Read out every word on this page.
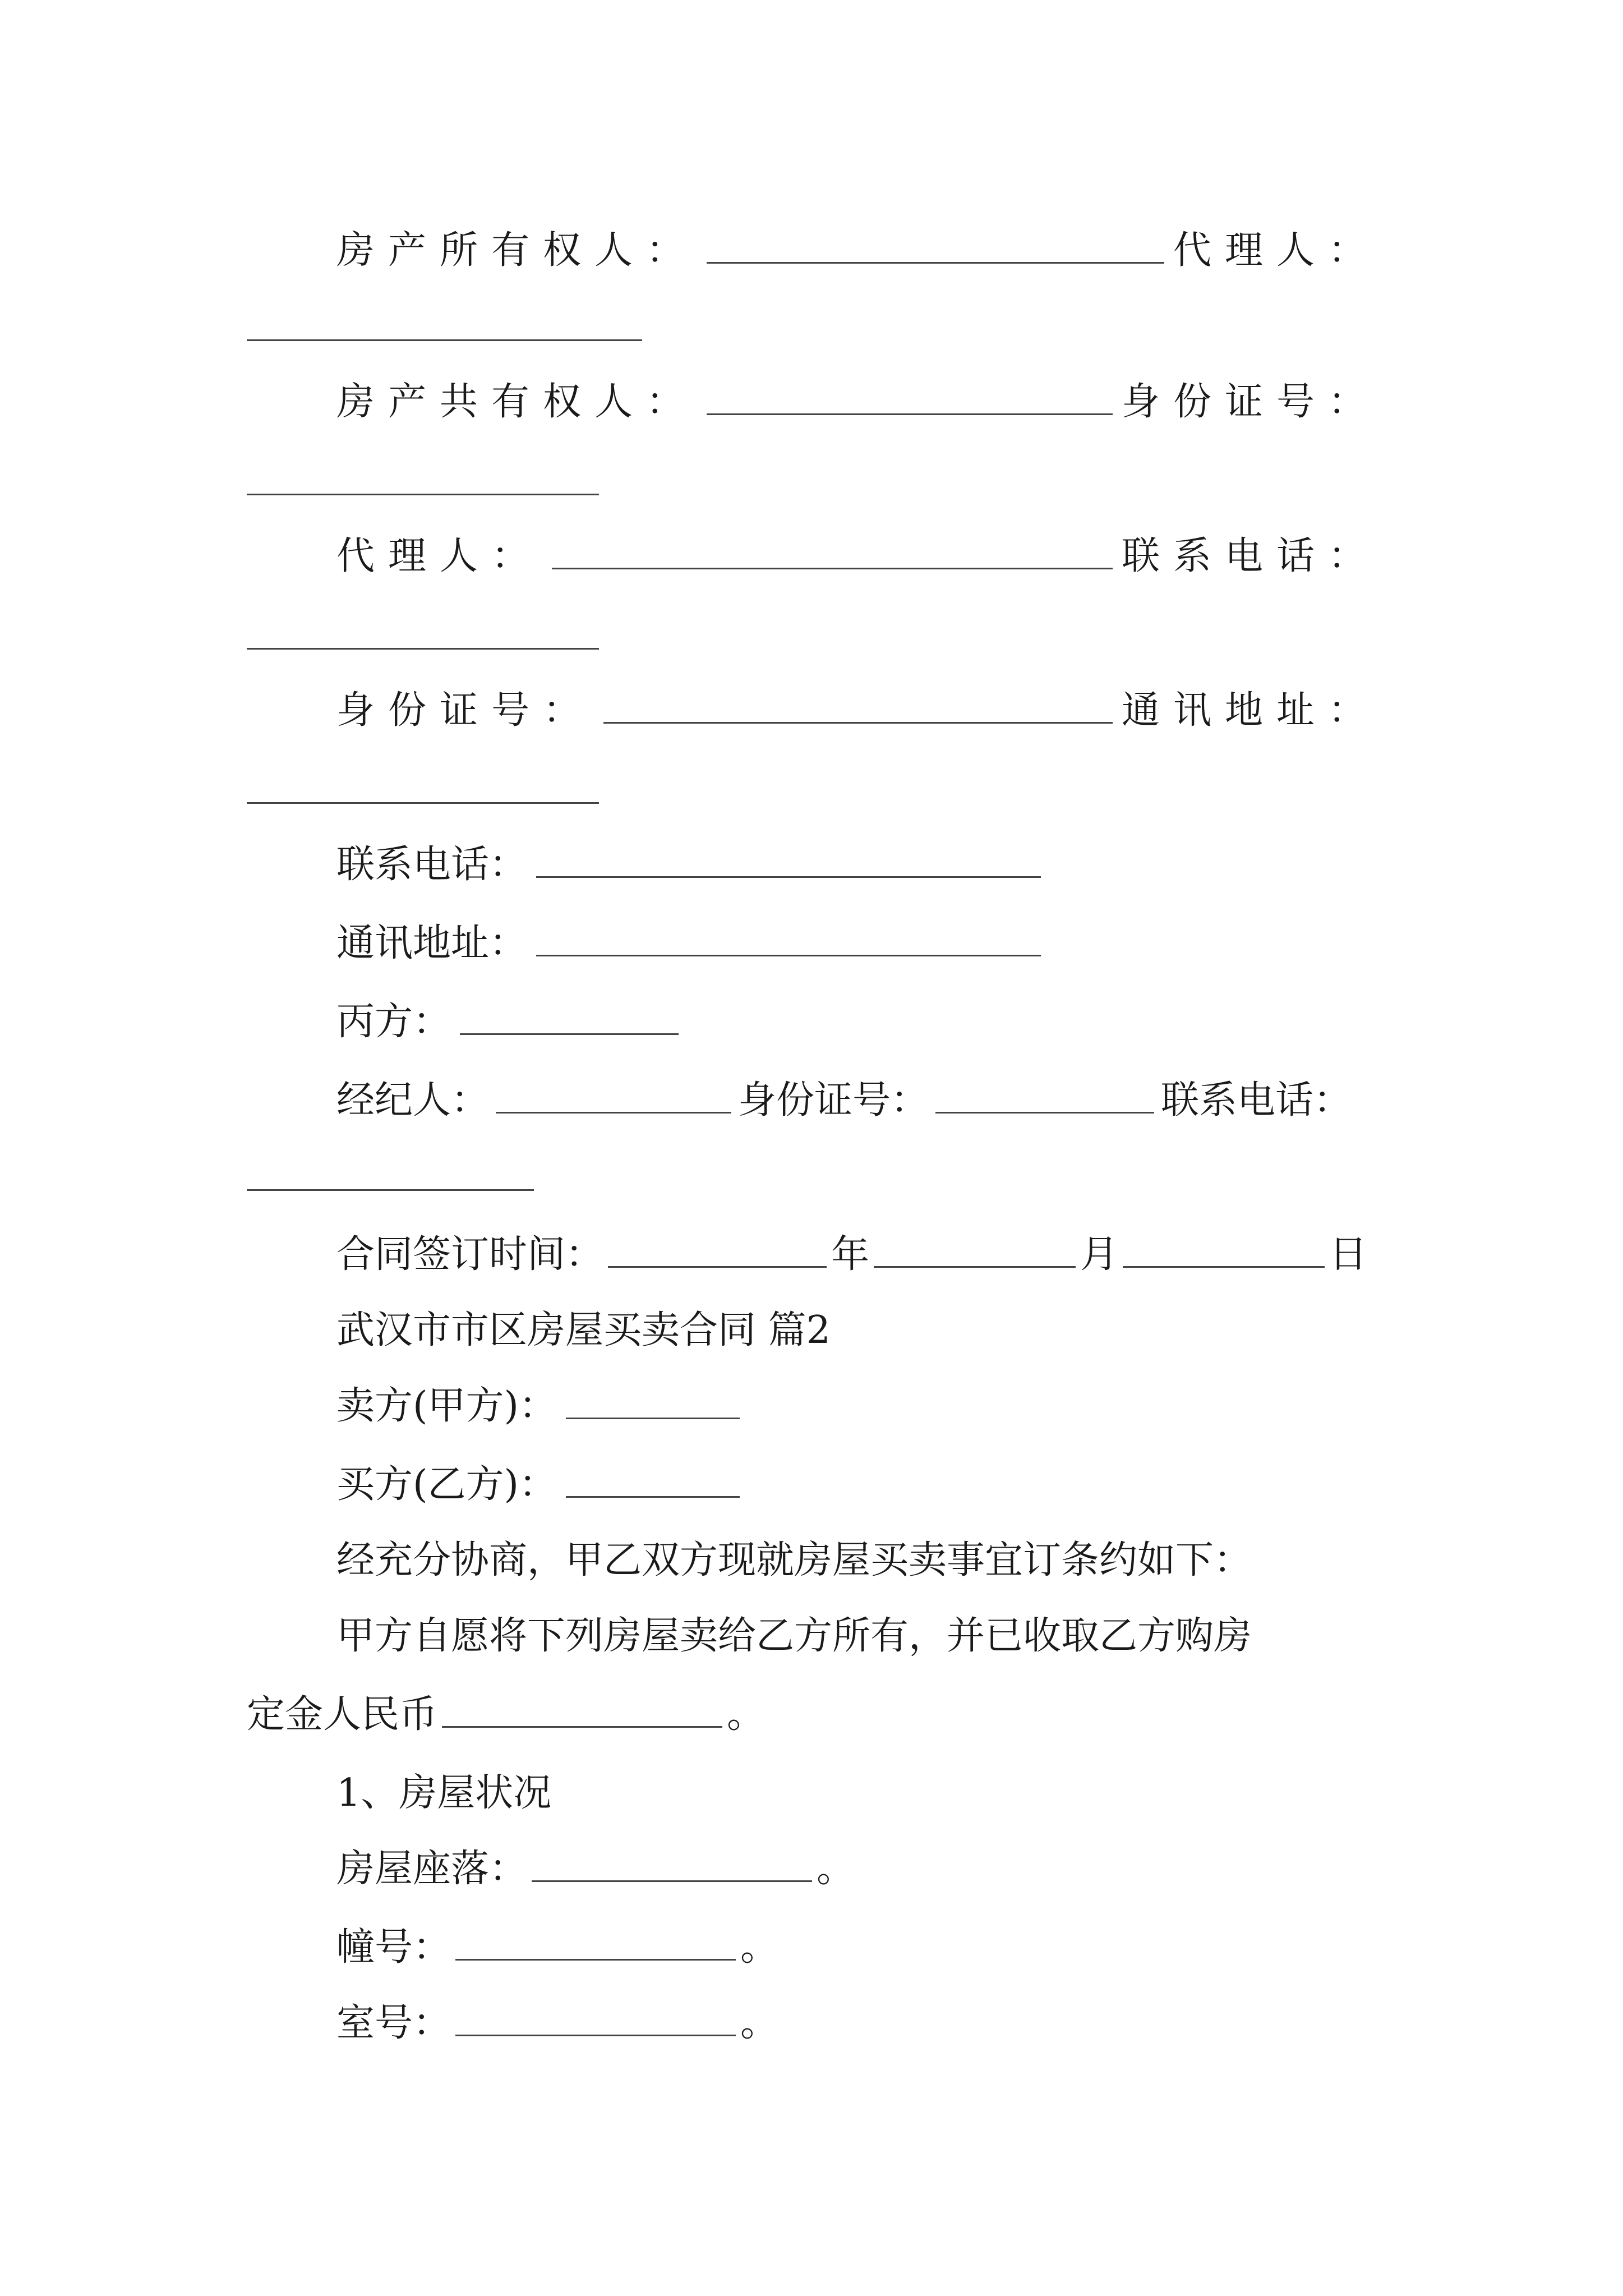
房产所有权人：	代理人：
房产共有权人：	身份证号：
代理人：	联系电话：
身份证号：	通讯地址：
联系电话：
通讯地址：
丙方：
经纪人：	身份证号：	联系电话：
合同签订时间：	年	月	日
武汉市市区房屋买卖合同 篇2
卖方(甲方)：
买方(乙方)：
经充分协商，甲乙双方现就房屋买卖事宜订条约如下：
甲方自愿将下列房屋卖给乙方所有，并已收取乙方购房
定金人民币	。
1、房屋状况
房屋座落：	。
幢号：	。
室号：	。
